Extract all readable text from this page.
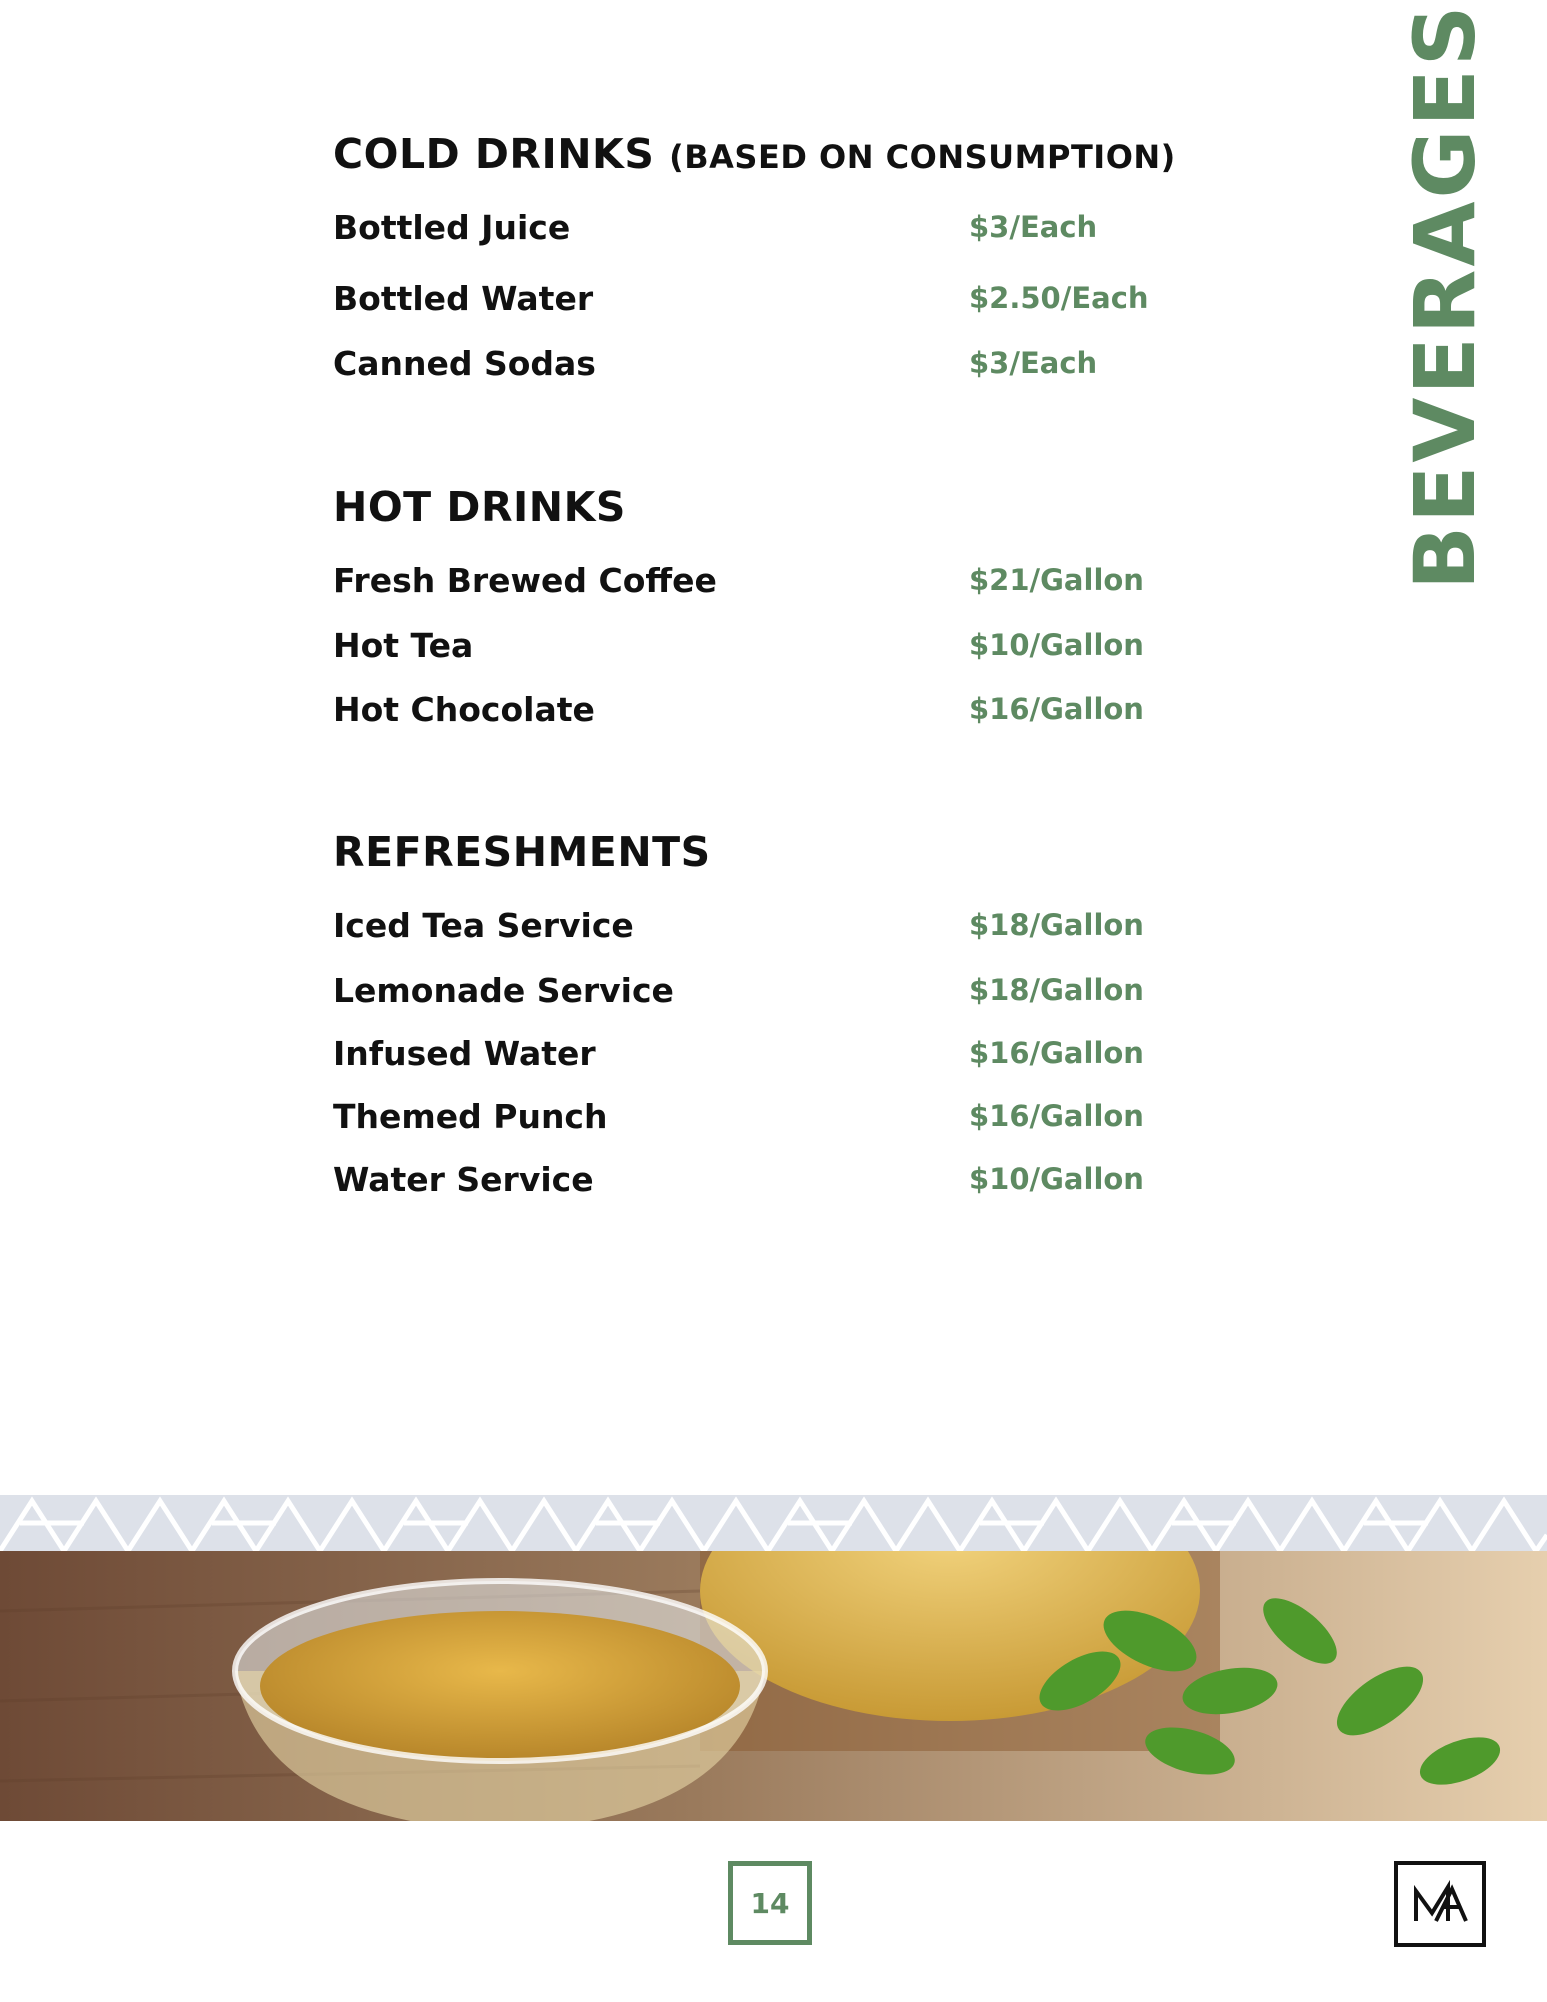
BEVERAGES
COLD DRINKS (BASED ON CONSUMPTION)
Bottled Juice	$3/Each
Bottled Water	$2.50/Each
Canned Sodas	$3/Each
HOT DRINKS
Fresh Brewed Coffee	$21/Gallon
Hot Tea	$10/Gallon
Hot Chocolate	$16/Gallon
REFRESHMENTS
Iced Tea Service	$18/Gallon
Lemonade Service	$18/Gallon
Infused Water	$16/Gallon
Themed Punch	$16/Gallon
Water Service	$10/Gallon
14
